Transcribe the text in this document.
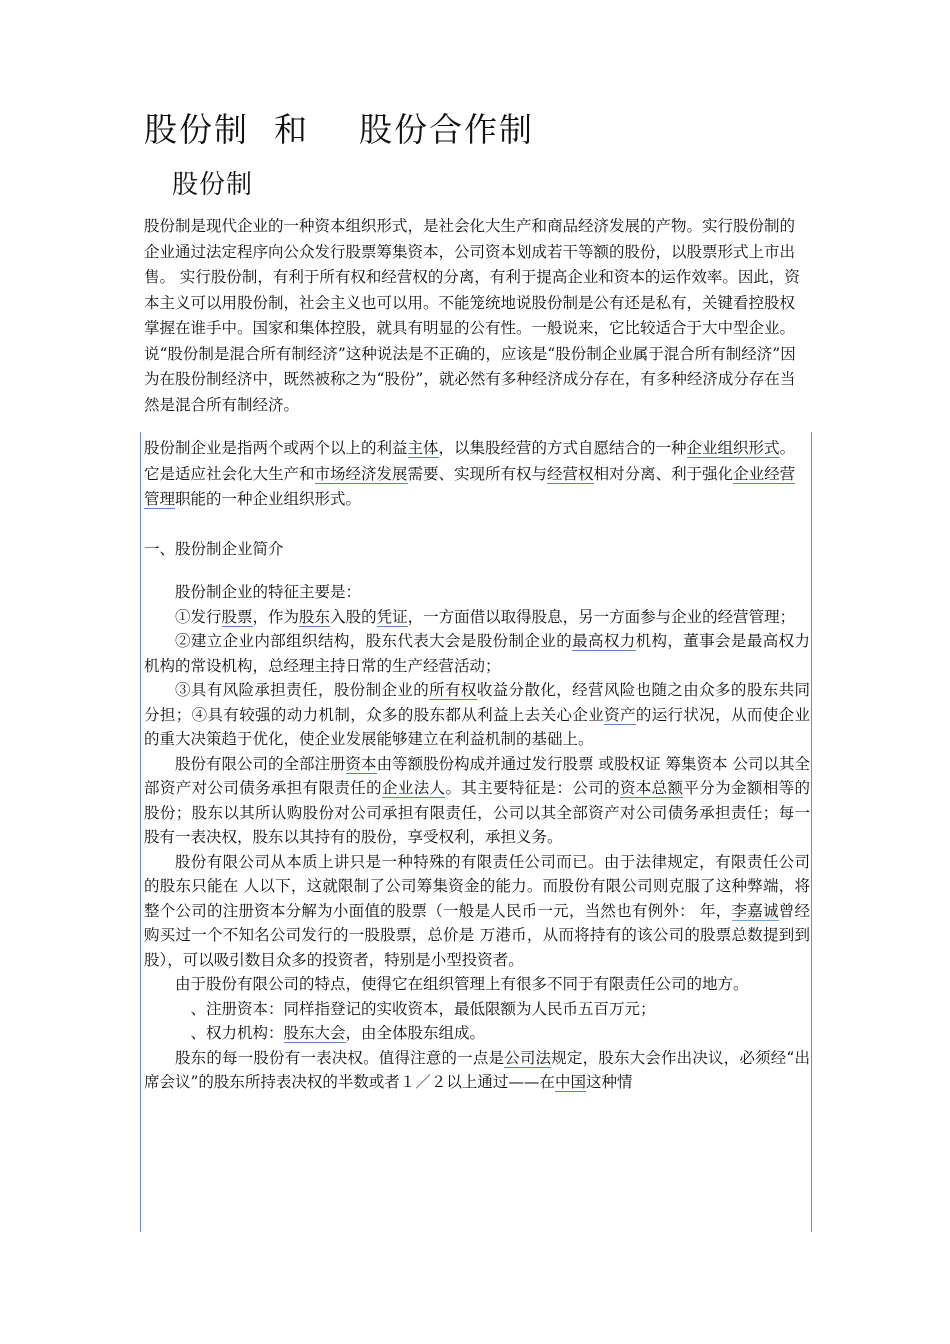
股份制  和    股份合作制
股份制

股份制是现代企业的一种资本组织形式，是社会化大生产和商品经济发展的产物。实行股份制的企业通过法定程序向公众发行股票筹集资本，公司资本划成若干等额的股份，以股票形式上市出售。 实行股份制，有利于所有权和经营权的分离，有利于提高企业和资本的运作效率。因此，资本主义可以用股份制，社会主义也可以用。不能笼统地说股份制是公有还是私有，关键看控股权掌握在谁手中。国家和集体控股，就具有明显的公有性。一般说来，它比较适合于大中型企业。 说“股份制是混合所有制经济”这种说法是不正确的，应该是“股份制企业属于混合所有制经济”因为在股份制经济中，既然被称之为“股份”，就必然有多种经济成分存在，有多种经济成分存在当然是混合所有制经济。

股份制企业是指两个或两个以上的利益主体，以集股经营的方式自愿结合的一种企业组织形式。它是适应社会化大生产和市场经济发展需要、实现所有权与经营权相对分离、利于强化企业经营管理职能的一种企业组织形式。

一、股份制企业简介

股份制企业的特征主要是：

①发行股票，作为股东入股的凭证，一方面借以取得股息，另一方面参与企业的经营管理；

②建立企业内部组织结构，股东代表大会是股份制企业的最高权力机构，董事会是最高权力机构的常设机构，总经理主持日常的生产经营活动；

③具有风险承担责任，股份制企业的所有权收益分散化，经营风险也随之由众多的股东共同分担；④具有较强的动力机制，众多的股东都从利益上去关心企业资产的运行状况，从而使企业的重大决策趋于优化，使企业发展能够建立在利益机制的基础上。

股份有限公司的全部注册资本由等额股份构成并通过发行股票 或股权证 筹集资本 公司以其全部资产对公司债务承担有限责任的企业法人。其主要特征是：公司的资本总额平分为金额相等的股份；股东以其所认购股份对公司承担有限责任，公司以其全部资产对公司债务承担责任；每一股有一表决权，股东以其持有的股份，享受权利，承担义务。

股份有限公司从本质上讲只是一种特殊的有限责任公司而已。由于法律规定，有限责任公司的股东只能在 人以下，这就限制了公司筹集资金的能力。而股份有限公司则克服了这种弊端，将整个公司的注册资本分解为小面值的股票（一般是人民币一元，当然也有例外： 年，李嘉诚曾经购买过一个不知名公司发行的一股股票，总价是 万港币，从而将持有的该公司的股票总数提到到 股），可以吸引数目众多的投资者，特别是小型投资者。

由于股份有限公司的特点，使得它在组织管理上有很多不同于有限责任公司的地方。

、注册资本：同样指登记的实收资本，最低限额为人民币五百万元；

、权力机构：股东大会，由全体股东组成。

股东的每一股份有一表决权。值得注意的一点是公司法规定，股东大会作出决议，必须经“出席会议”的股东所持表决权的半数或者１／２以上通过——在中国这种情
